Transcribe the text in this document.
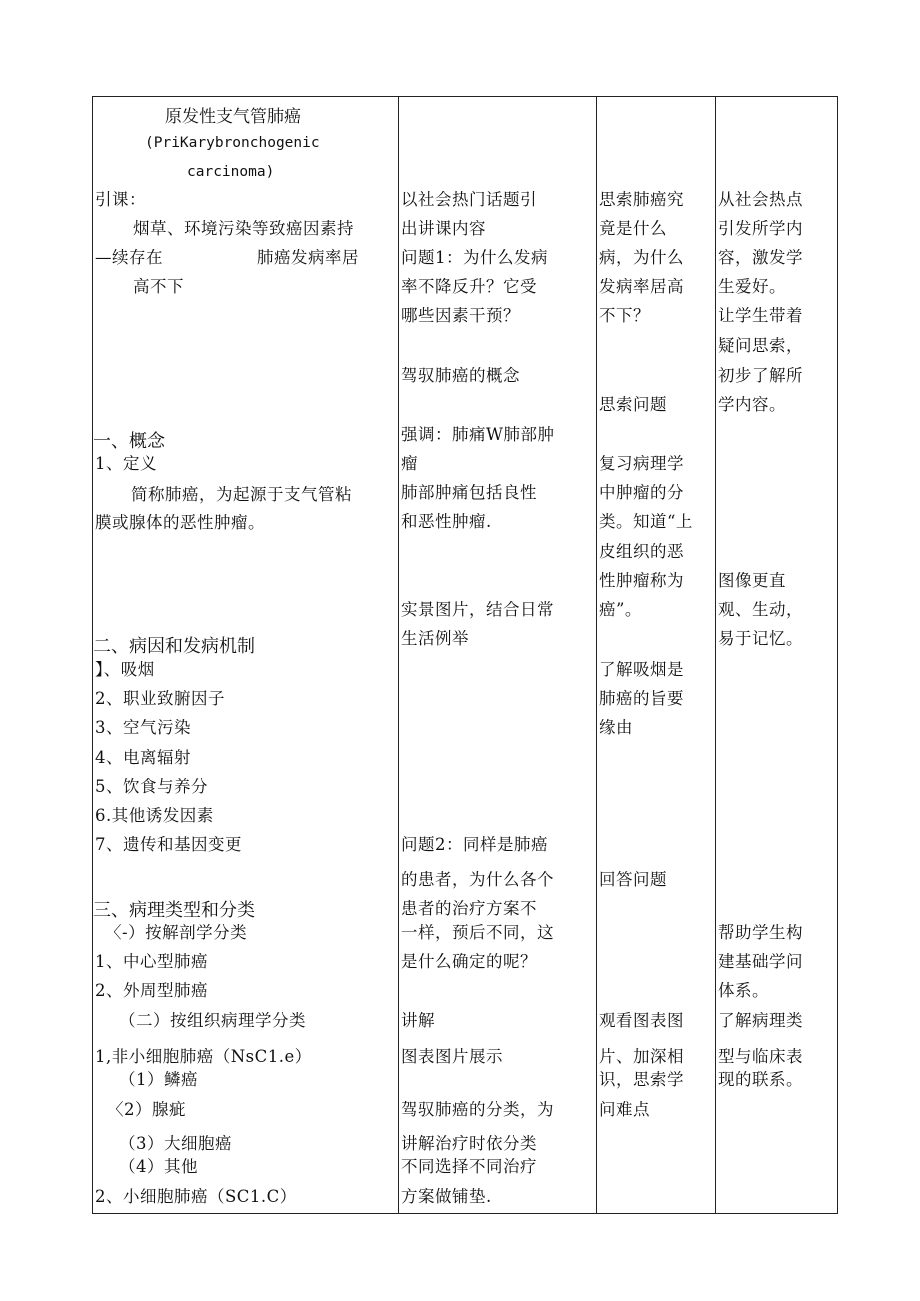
原发性支气管肺癌
(PriKarybronchogenic
carcinoma)
引课：
烟草、环境污染等致癌因素持
—续存在	肺癌发病率居
高不下
一、概念
1、定义
简称肺癌，为起源于支气管粘
膜或腺体的恶性肿瘤。
二、病因和发病机制
】、吸烟
2、职业致腑因子
3、空气污染
4、电离辐射
5、饮食与养分
6.其他诱发因素
7、遗传和基因变更
三、病理类型和分类
〈-）按解剖学分类
1、中心型肺癌
2、外周型肺癌
（二）按组织病理学分类
1,非小细胞肺癌（NsC1.e）
（1）鳞癌
〈2）腺疵
（3）大细胞癌
（4）其他
2、小细胞肺癌（SC1.C）
以社会热门话题引
出讲课内容
问题1：为什么发病
率不降反升？它受
哪些因素干预？
驾驭肺癌的概念
强调：肺痛W肺部肿
瘤
肺部肿痛包括良性
和恶性肿瘤.
实景图片，结合日常
生活例举
问题2：同样是肺癌
的患者，为什么各个
患者的治疗方案不
一样，预后不同，这
是什么确定的呢？
讲解
图表图片展示
驾驭肺癌的分类，为
讲解治疗时依分类
不同选择不同治疗
方案做铺垫.
思索肺癌究
竟是什么
病，为什么
发病率居高
不下？
思索问题
复习病理学
中肿瘤的分
类。知道“上
皮组织的恶
性肿瘤称为
癌”。
了解吸烟是
肺癌的旨要
缘由
回答问题
观看图表图
片、加深相
识，思索学
问难点
从社会热点
引发所学内
容，激发学
生爱好。
让学生带着
疑问思索，
初步了解所
学内容。
图像更直
观、生动，
易于记忆。
帮助学生构
建基础学问
体系。
了解病理类
型与临床表
现的联系。
